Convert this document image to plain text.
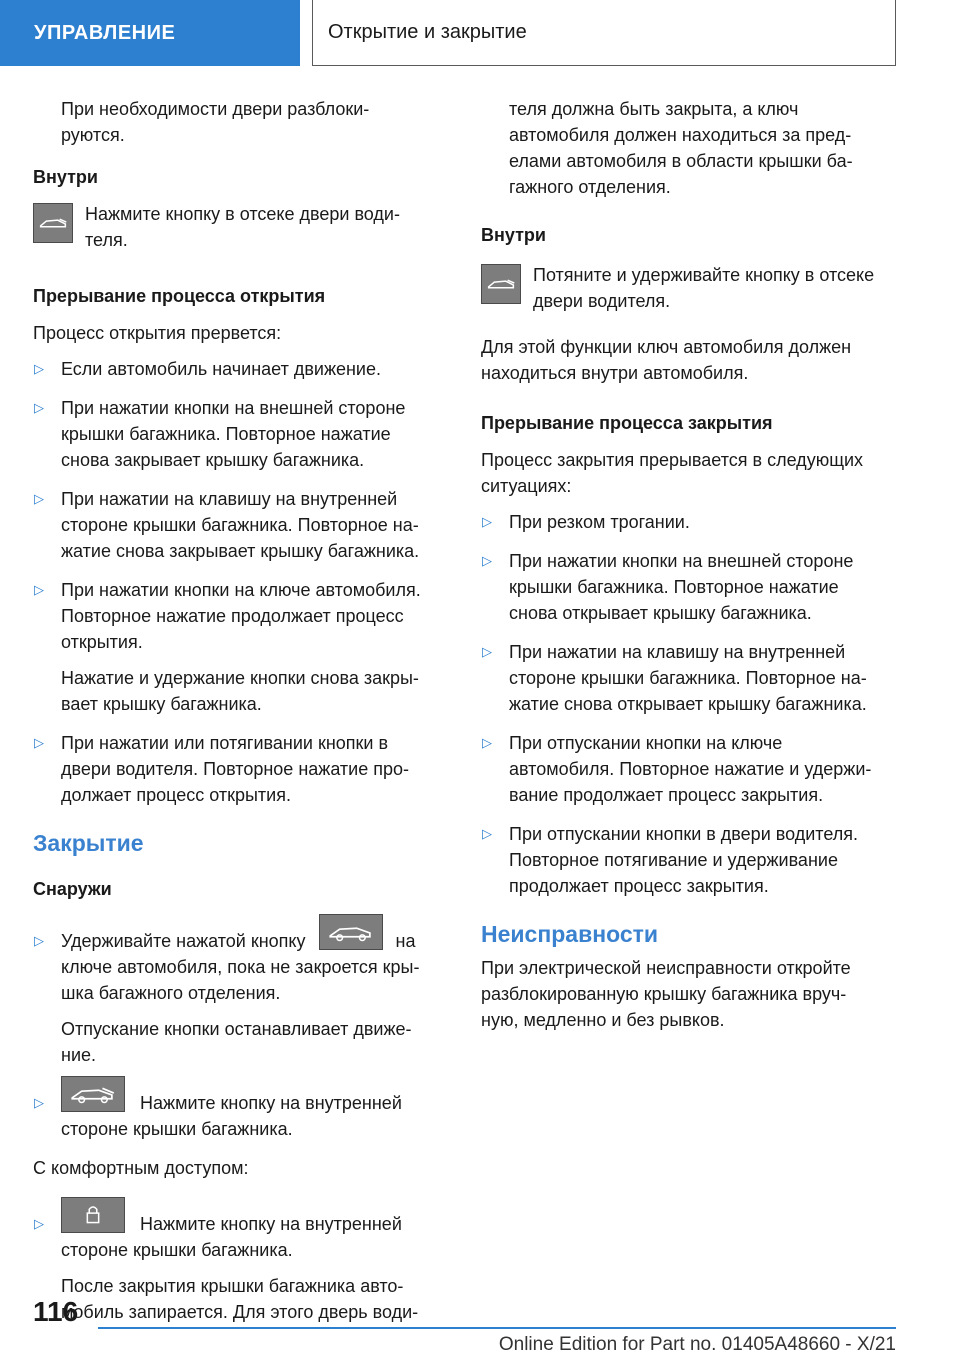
УПРАВЛЕНИЕ	Открытие и закрытие
При необходимости двери разблоки-
руются.
Внутри
Нажмите кнопку в отсеке двери води-
теля.
Прерывание процесса открытия
Процесс открытия прервется:
▷ Если автомобиль начинает движение.
▷ При нажатии кнопки на внешней стороне
крышки багажника. Повторное нажатие
снова закрывает крышку багажника.
▷ При нажатии на клавишу на внутренней
стороне крышки багажника. Повторное на-
жатие снова закрывает крышку багажника.
▷ При нажатии кнопки на ключе автомобиля.
Повторное нажатие продолжает процесс
открытия.
Нажатие и удержание кнопки снова закры-
вает крышку багажника.
▷ При нажатии или потягивании кнопки в
двери водителя. Повторное нажатие про-
должает процесс открытия.
Закрытие
Снаружи
▷ Удерживайте нажатой кнопку	на
ключе автомобиля, пока не закроется кры-
шка багажного отделения.
Отпускание кнопки останавливает движе-
ние.
▷	Нажмите кнопку на внутренней
стороне крышки багажника.
С комфортным доступом:
▷	Нажмите кнопку на внутренней
стороне крышки багажника.
После закрытия крышки багажника авто-
мобиль запирается. Для этого дверь води-
теля должна быть закрыта, а ключ
автомобиля должен находиться за пред-
елами автомобиля в области крышки ба-
гажного отделения.
Внутри
Потяните и удерживайте кнопку в отсеке
двери водителя.
Для этой функции ключ автомобиля должен
находиться внутри автомобиля.
Прерывание процесса закрытия
Процесс закрытия прерывается в следующих
ситуациях:
▷ При резком трогании.
▷ При нажатии кнопки на внешней стороне
крышки багажника. Повторное нажатие
снова открывает крышку багажника.
▷ При нажатии на клавишу на внутренней
стороне крышки багажника. Повторное на-
жатие снова открывает крышку багажника.
▷ При отпускании кнопки на ключе
автомобиля. Повторное нажатие и удержи-
вание продолжает процесс закрытия.
▷ При отпускании кнопки в двери водителя.
Повторное потягивание и удерживание
продолжает процесс закрытия.
Неисправности
При электрической неисправности откройте
разблокированную крышку багажника вруч-
ную, медленно и без рывков.
116
Online Edition for Part no. 01405A48660 - X/21
